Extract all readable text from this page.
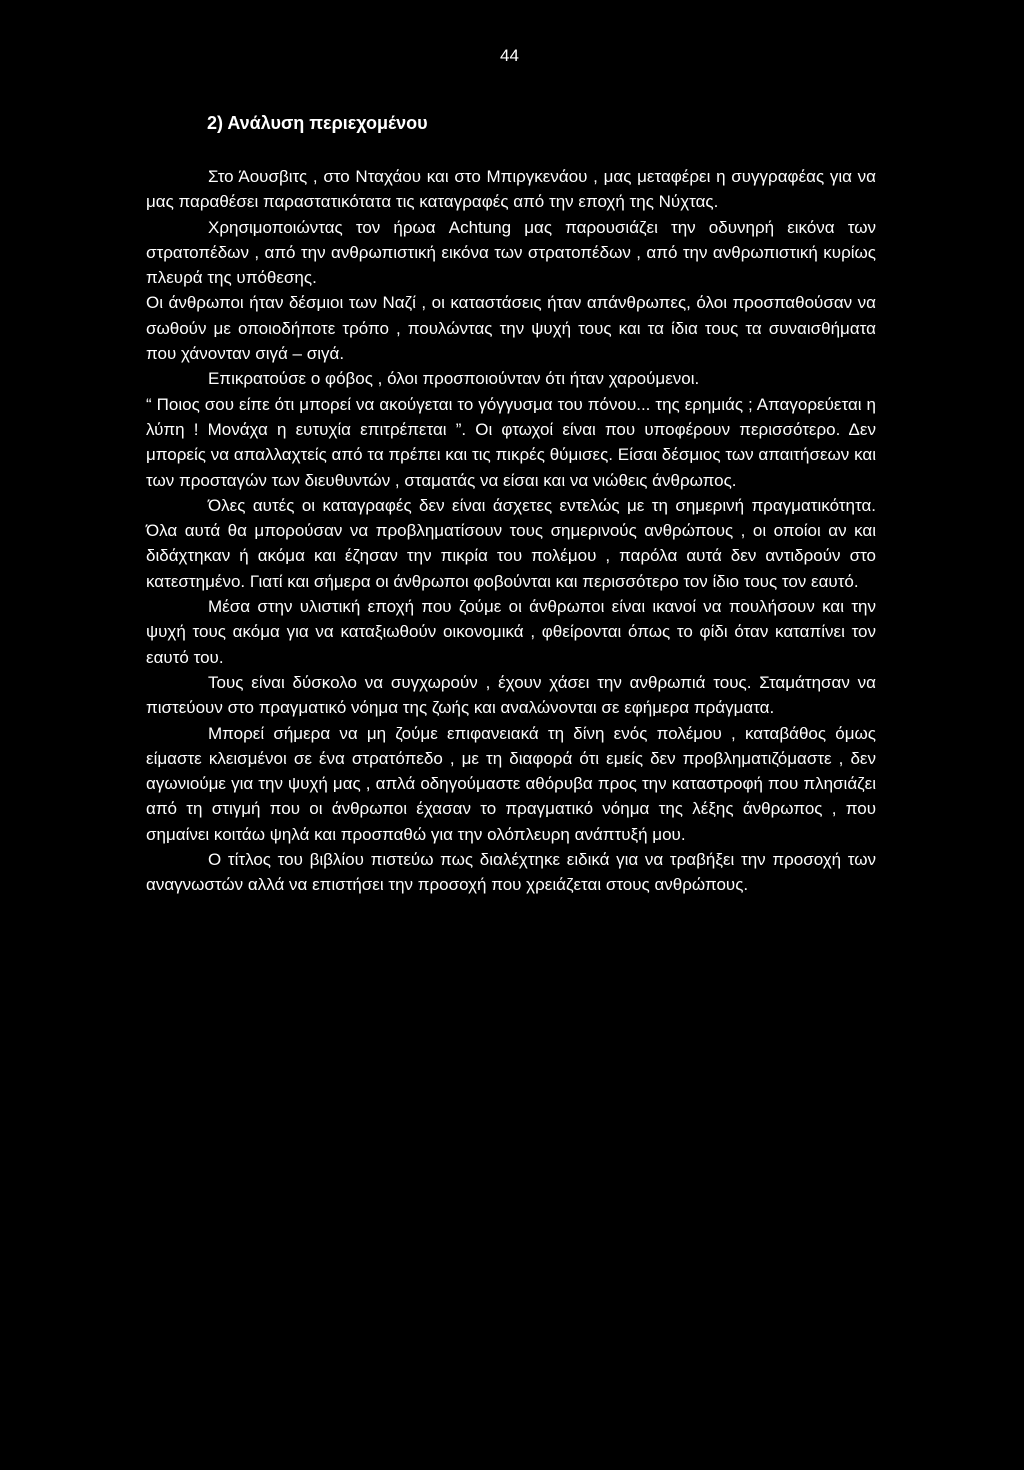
44
2) Ανάλυση περιεχομένου

Στο Άουσβιτς , στο Νταχάου και στο Μπιργκενάου , μας μεταφέρει η συγγραφέας για να μας παραθέσει παραστατικότατα τις καταγραφές από την εποχή της Νύχτας.

Χρησιμοποιώντας τον ήρωα Achtung μας παρουσιάζει την οδυνηρή εικόνα των στρατοπέδων , από την ανθρωπιστική εικόνα των στρατοπέδων , από την ανθρωπιστική κυρίως πλευρά της υπόθεσης.

Οι άνθρωποι ήταν δέσμιοι των Ναζί , οι καταστάσεις ήταν απάνθρωπες, όλοι προσπαθούσαν να σωθούν με οποιοδήποτε τρόπο , πουλώντας την ψυχή τους και τα ίδια τους τα συναισθήματα που χάνονταν σιγά – σιγά.

Επικρατούσε ο φόβος , όλοι προσποιούνταν ότι ήταν χαρούμενοι.

“ Ποιος σου είπε ότι μπορεί να ακούγεται το γόγγυσμα του πόνου... της ερημιάς ; Απαγορεύεται η λύπη ! Μονάχα η ευτυχία επιτρέπεται ”. Οι φτωχοί είναι που υποφέρουν περισσότερο. Δεν μπορείς να απαλλαχτείς από τα πρέπει και τις πικρές θύμισες. Είσαι δέσμιος των απαιτήσεων και των προσταγών των διευθυντών , σταματάς να είσαι και να νιώθεις άνθρωπος.

Όλες αυτές οι καταγραφές δεν είναι άσχετες εντελώς με τη σημερινή πραγματικότητα. Όλα αυτά θα μπορούσαν να προβληματίσουν τους σημερινούς ανθρώπους , οι οποίοι αν και διδάχτηκαν ή ακόμα και έζησαν την πικρία του πολέμου , παρόλα αυτά δεν αντιδρούν στο κατεστημένο. Γιατί και σήμερα οι άνθρωποι φοβούνται και περισσότερο τον ίδιο τους τον εαυτό.

Μέσα στην υλιστική εποχή που ζούμε οι άνθρωποι είναι ικανοί να πουλήσουν και την ψυχή τους ακόμα για να καταξιωθούν οικονομικά , φθείρονται όπως το φίδι όταν καταπίνει τον εαυτό του.

Τους είναι δύσκολο να συγχωρούν , έχουν χάσει την ανθρωπιά τους. Σταμάτησαν να πιστεύουν στο πραγματικό νόημα της ζωής και αναλώνονται σε εφήμερα πράγματα.

Μπορεί σήμερα να μη ζούμε επιφανειακά τη δίνη ενός πολέμου , καταβάθος όμως είμαστε κλεισμένοι σε ένα στρατόπεδο , με τη διαφορά ότι εμείς δεν προβληματιζόμαστε , δεν αγωνιούμε για την ψυχή μας , απλά οδηγούμαστε αθόρυβα προς την καταστροφή που πλησιάζει από τη στιγμή που οι άνθρωποι έχασαν το πραγματικό νόημα της λέξης άνθρωπος , που σημαίνει κοιτάω ψηλά και προσπαθώ για την ολόπλευρη ανάπτυξή μου.

Ο τίτλος του βιβλίου πιστεύω πως διαλέχτηκε ειδικά για να τραβήξει την προσοχή των αναγνωστών αλλά να επιστήσει την προσοχή που χρειάζεται στους ανθρώπους.
